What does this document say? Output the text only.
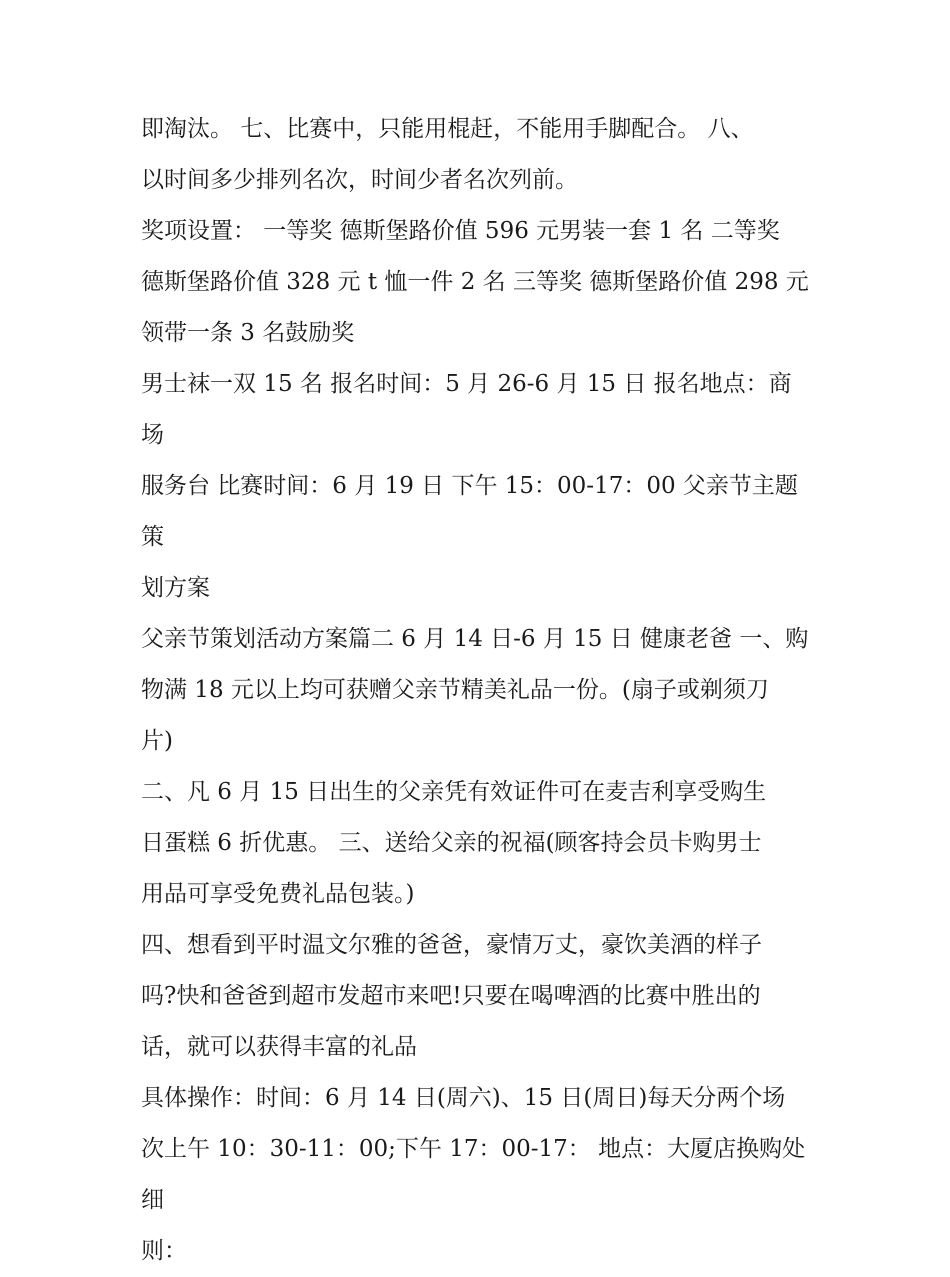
即淘汰。 七、比赛中，只能用棍赶，不能用手脚配合。 八、
以时间多少排列名次，时间少者名次列前。

奖项设置： 一等奖 德斯堡路价值 596 元男装一套 1 名 二等奖
德斯堡路价值 328 元 t 恤一件 2 名 三等奖 德斯堡路价值 298 元
领带一条 3 名鼓励奖

男士袜一双 15 名 报名时间：5 月 26-6 月 15 日 报名地点：商场
服务台 比赛时间：6 月 19 日 下午 15：00-17：00 父亲节主题策
划方案

父亲节策划活动方案篇二 6 月 14 日-6 月 15 日 健康老爸 一、购
物满 18 元以上均可获赠父亲节精美礼品一份。(扇子或剃须刀
片)

二、凡 6 月 15 日出生的父亲凭有效证件可在麦吉利享受购生
日蛋糕 6 折优惠。 三、送给父亲的祝福(顾客持会员卡购男士
用品可享受免费礼品包装。)

四、想看到平时温文尔雅的爸爸，豪情万丈，豪饮美酒的样子
吗?快和爸爸到超市发超市来吧!只要在喝啤酒的比赛中胜出的
话，就可以获得丰富的礼品

具体操作：时间：6 月 14 日(周六)、15 日(周日)每天分两个场
次上午 10：30-11：00;下午 17：00-17： 地点：大厦店换购处细
则：
